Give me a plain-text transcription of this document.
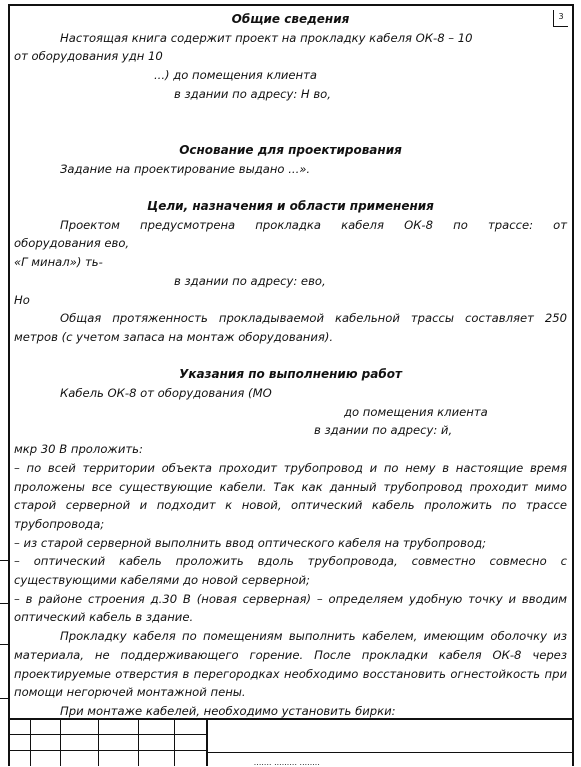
3
Общие сведения

Настоящая книга содержит проект на прокладку кабеля ОК-8 – 10

от оборудования удн 10

...) до помещения клиента

в здании по адресу: Н во,

Основание для проектирования

Задание на проектирование выдано ...».

Цели, назначения и области применения

Проектом предусмотрена прокладка кабеля ОК-8 по трассе: от

оборудования ево,

«Г минал») ть-

в здании по адресу: ево,

Но

Общая протяженность прокладываемой кабельной трассы составляет 250 метров (с учетом запаса на монтаж оборудования).

Указания по выполнению работ

Кабель ОК-8 от оборудования (МО

до помещения клиента

в здании по адресу: й,

мкр 30 В проложить:

– по всей территории объекта проходит трубопровод и по нему в настоящие время проложены все существующие кабели. Так как данный трубопровод проходит мимо старой серверной и подходит к новой, оптический кабель проложить по трассе трубопровода;

– из старой серверной выполнить ввод оптического кабеля на трубопровод;

– оптический кабель проложить вдоль трубопровода, совместно совмесно с существующими кабелями до новой серверной;

– в районе строения д.30 В (новая серверная) – определяем удобную точку и вводим оптический кабель в здание.

Прокладку кабеля по помещениям выполнить кабелем, имеющим оболочку из материала, не поддерживающего горение. После прокладки кабеля ОК-8 через проектируемые отверстия в перегородках необходимо восстановить огнестойкость при помощи негорючей монтажной пены.

При монтаже кабелей, необходимо установить бирки:

....... ......... ........
